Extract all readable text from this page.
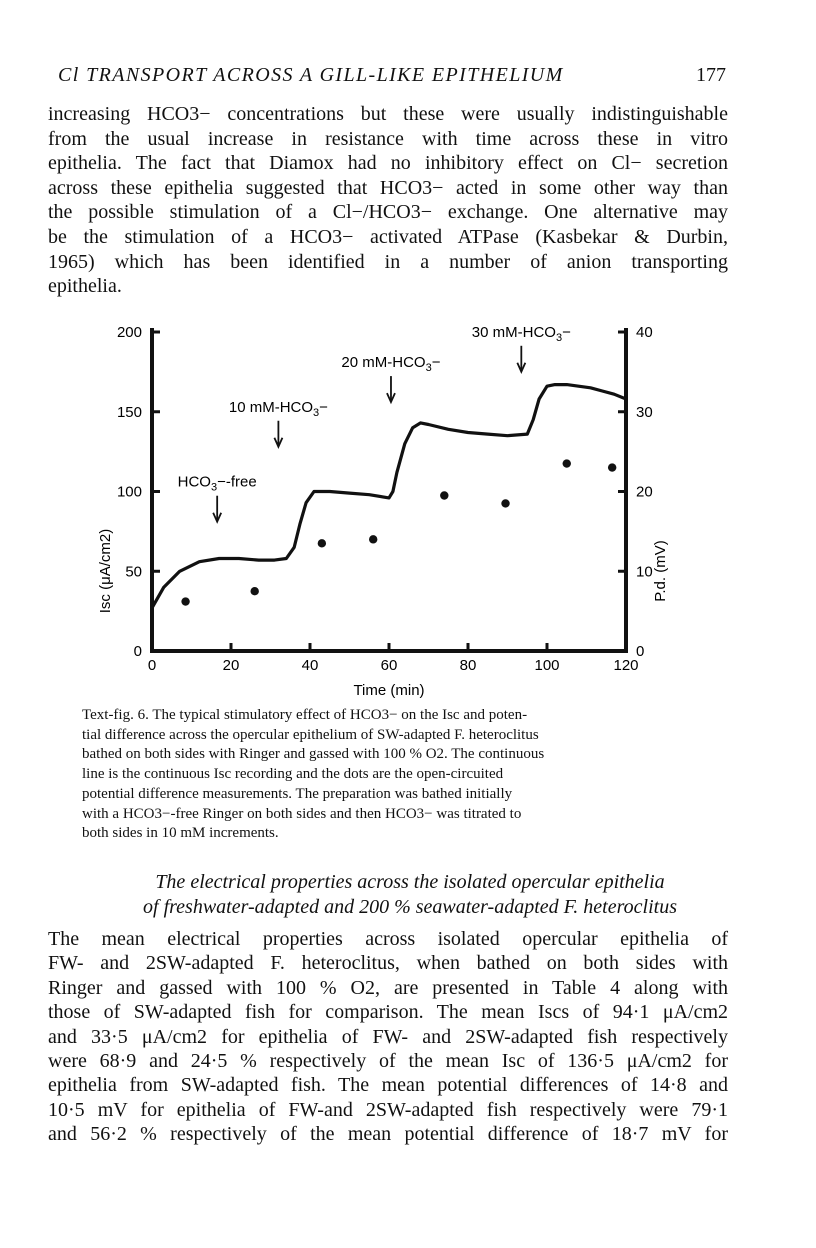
Cl TRANSPORT ACROSS A GILL-LIKE EPITHELIUM	177

increasing HCO3− concentrations but these were usually indistinguishable
from the usual increase in resistance with time across these in vitro
epithelia. The fact that Diamox had no inhibitory effect on Cl− secretion
across these epithelia suggested that HCO3− acted in some other way than
the possible stimulation of a Cl−/HCO3− exchange. One alternative may
be the stimulation of a HCO3− activated ATPase (Kasbekar & Durbin,
1965) which has been identified in a number of anion transporting
epithelia.

0	20	40	60	80	100	120
0
50
100
150
200
0
10
20
30
40
$HCO_3-$-free
10 $mM-HCO_3-$
20 $mM-HCO_3-$
30 $mM-HCO_3-$
Time (min)
Isc (μA/cm2)	P.d. (mV)

Text-fig. 6. The typical stimulatory effect of HCO3− on the Isc and poten-
tial difference across the opercular epithelium of SW-adapted F. heteroclitus
bathed on both sides with Ringer and gassed with 100 % O2. The continuous
line is the continuous Isc recording and the dots are the open-circuited
potential difference measurements. The preparation was bathed initially
with a HCO3−-free Ringer on both sides and then HCO3− was titrated to
both sides in 10 mM increments.

The electrical properties across the isolated opercular epithelia
of freshwater-adapted and 200 % seawater-adapted F. heteroclitus

The mean electrical properties across isolated opercular epithelia of
FW- and 2SW-adapted F. heteroclitus, when bathed on both sides with
Ringer and gassed with 100 % O2, are presented in Table 4 along with
those of SW-adapted fish for comparison. The mean Iscs of 94·1 μA/cm2
and 33·5 μA/cm2 for epithelia of FW- and 2SW-adapted fish respectively
were 68·9 and 24·5 % respectively of the mean Isc of 136·5 μA/cm2 for
epithelia from SW-adapted fish. The mean potential differences of 14·8 and
10·5 mV for epithelia of FW-and 2SW-adapted fish respectively were 79·1
and 56·2 % respectively of the mean potential difference of 18·7 mV for
